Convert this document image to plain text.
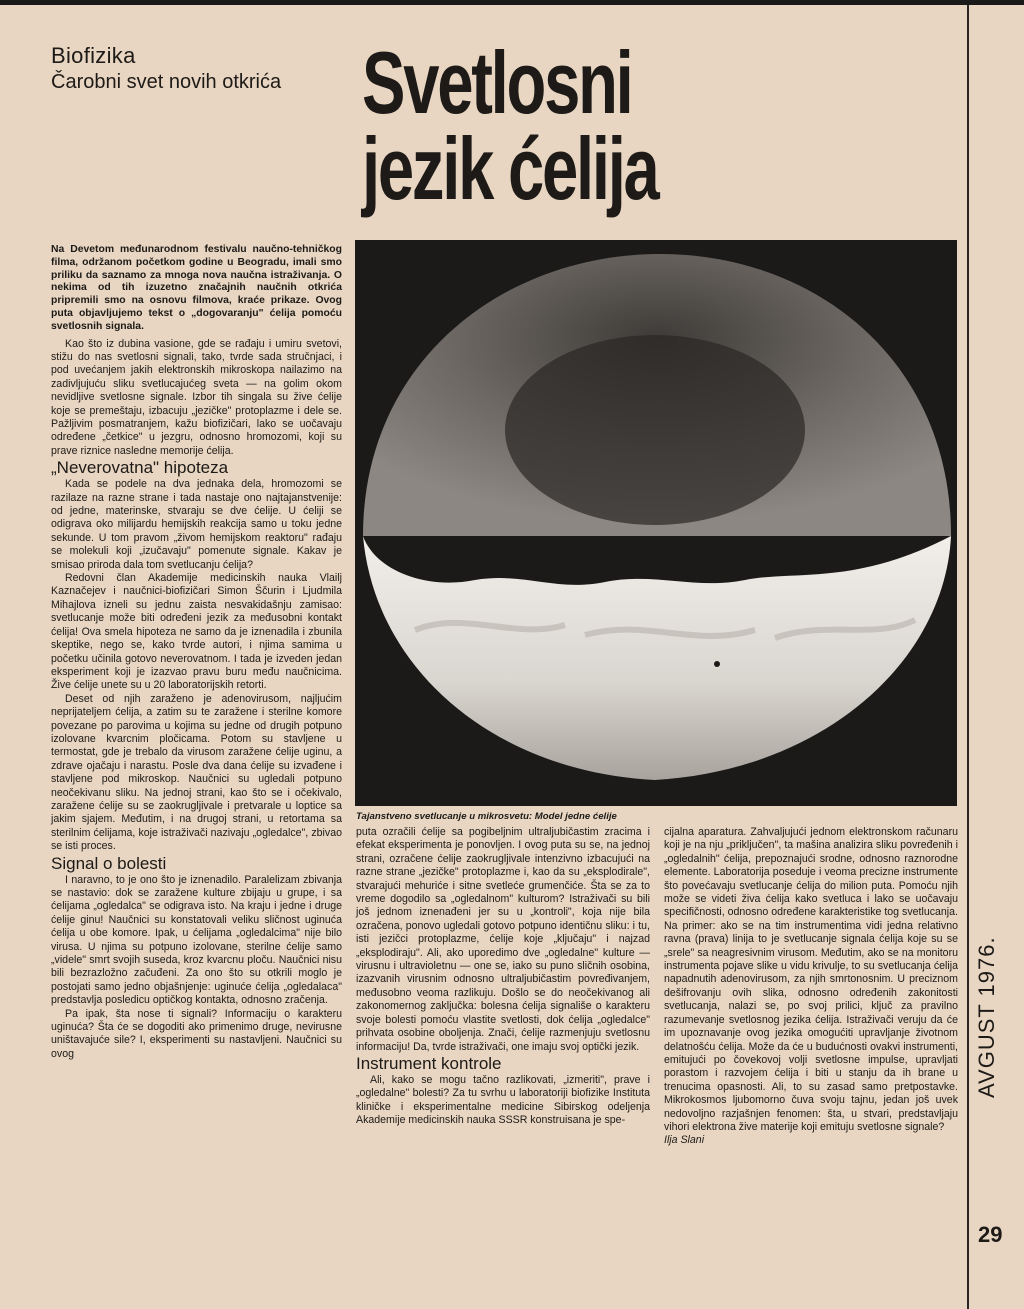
Biofizika
Čarobni svet novih otkrića Svetlosni
jezik ćelija

Na Devetom međunarodnom festivalu naučno-tehničkog filma, održanom početkom godine u Beogradu, imali smo priliku da saznamo za mnoga nova naučna istraživanja. O nekima od tih izuzetno značajnih naučnih otkrića pripremili smo na osnovu filmova, kraće prikaze. Ovog puta objavljujemo tekst o „dogovaranju" ćelija pomoću svetlosnih signala.

Kao što iz dubina vasione, gde se rađaju i umiru svetovi, stižu do nas svetlosni signali, tako, tvrde sada stručnjaci, i pod uvećanjem jakih elektronskih mikroskopa nailazimo na zadivljujuću sliku svetlucajućeg sveta — na golim okom nevidljive svetlosne signale. Izbor tih singala su žive ćelije koje se premeštaju, izbacuju „jezičke" protoplazme i dele se. Pažljivim posmatranjem, kažu biofizičari, lako se uočavaju određene „četkice" u jezgru, odnosno hromozomi, koji su prave riznice nasledne memorije ćelija.

„Neverovatna" hipoteza

Kada se podele na dva jednaka dela, hromozomi se razilaze na razne strane i tada nastaje ono najtajanstvenije: od jedne, materinske, stvaraju se dve ćelije. U ćeliji se odigrava oko milijardu hemijskih reakcija samo u toku jedne sekunde. U tom pravom „živom hemijskom reaktoru" rađaju se molekuli koji „izučavaju" pomenute signale. Kakav je smisao priroda dala tom svetlucanju ćelija?

Redovni član Akademije medicinskih nauka Vlailj Kaznačejev i naučnici-biofizičari Simon Ščurin i Ljudmila Mihajlova izneli su jednu zaista nesvakidašnju zamisao: svetlucanje može biti određeni jezik za međusobni kontakt ćelija! Ova smela hipoteza ne samo da je iznenadila i zbunila skeptike, nego se, kako tvrde autori, i njima samima u početku učinila gotovo neverovatnom. I tada je izveden jedan eksperiment koji je izazvao pravu buru među naučnicima. Žive ćelije unete su u 20 laboratorijskih retorti.

Deset od njih zaraženo je adenovirusom, najljućim neprijateljem ćelija, a zatim su te zaražene i sterilne komore povezane po parovima u kojima su jedne od drugih potpuno izolovane kvarcnim pločicama. Potom su stavljene u termostat, gde je trebalo da virusom zaražene ćelije uginu, a zdrave ojačaju i narastu. Posle dva dana ćelije su izvađene i stavljene pod mikroskop. Naučnici su ugledali potpuno neočekivanu sliku. Na jednoj strani, kao što se i očekivalo, zaražene ćelije su se zaokrugljivale i pretvarale u loptice sa jakim sjajem. Međutim, i na drugoj strani, u retortama sa sterilnim ćelijama, koje istraživači nazivaju „ogledalce", zbivao se isti proces.

Signal o bolesti

I naravno, to je ono što je iznenadilo. Paralelizam zbivanja se nastavio: dok se zaražene kulture zbijaju u grupe, i sa ćelijama „ogledalca" se odigrava isto. Na kraju i jedne i druge ćelije ginu! Naučnici su konstatovali veliku sličnost uginuća ćelija u obe komore. Ipak, u ćelijama „ogledalcima" nije bilo virusa. U njima su potpuno izolovane, sterilne ćelije samo „videle" smrt svojih suseda, kroz kvarcnu ploču. Naučnici nisu bili bezrazložno začuđeni. Za ono što su otkrili moglo je postojati samo jedno objašnjenje: uginuće ćelija „ogledalaca" predstavlja posledicu optičkog kontakta, odnosno zračenja.

Pa ipak, šta nose ti signali? Informaciju o karakteru uginuća? Šta će se dogoditi ako primenimo druge, nevirusne uništavajuće sile? I, eksperimenti su nastavljeni. Naučnici su ovog

Tajanstveno svetlucanje u mikrosvetu: Model jedne ćelije

puta ozračili ćelije sa pogibeljnim ultraljubičastim zracima i efekat eksperimenta je ponovljen. I ovog puta su se, na jednoj strani, ozračene ćelije zaokrugljivale intenzivno izbacujući na razne strane „jezičke" protoplazme i, kao da su „eksplodirale", stvarajući mehuriće i sitne svetleće grumenčiće. Šta se za to vreme dogodilo sa „ogledalnom" kulturom? Istraživači su bili još jednom iznenađeni jer su u „kontroli", koja nije bila ozračena, ponovo ugledali gotovo potpuno identičnu sliku: i tu, isti jezičci protoplazme, ćelije koje „ključaju" i najzad „eksplodiraju". Ali, ako uporedimo dve „ogledalne" kulture — virusnu i ultravioletnu — one se, iako su puno sličnih osobina, izazvanih virusnim odnosno ultraljubičastim povređivanjem, međusobno veoma razlikuju. Došlo se do neočekivanog ali zakonomernog zaključka: bolesna ćelija signališe o karakteru svoje bolesti pomoću vlastite svetlosti, dok ćelija „ogledalce" prihvata osobine oboljenja. Znači, ćelije razmenjuju svetlosnu informaciju! Da, tvrde istraživači, one imaju svoj optički jezik.

Instrument kontrole

Ali, kako se mogu tačno razlikovati, „izmeriti", prave i „ogledalne" bolesti? Za tu svrhu u laboratoriji biofizike Instituta kliničke i eksperimentalne medicine Sibirskog odeljenja Akademije medicinskih nauka SSSR konstruisana je spe-

cijalna aparatura. Zahvaljujući jednom elektronskom računaru koji je na nju „priključen", ta mašina analizira sliku povređenih i „ogledalnih" ćelija, prepoznajući srodne, odnosno raznorodne elemente. Laboratorija poseduje i veoma precizne instrumente što povećavaju svetlucanje ćelija do milion puta. Pomoću njih može se videti živa ćelija kako svetluca i lako se uočavaju specifičnosti, odnosno određene karakteristike tog svetlucanja. Na primer: ako se na tim instrumentima vidi jedna relativno ravna (prava) linija to je svetlucanje signala ćelija koje su se „srele" sa neagresivnim virusom. Međutim, ako se na monitoru instrumenta pojave slike u vidu krivulje, to su svetlucanja ćelija napadnutih adenovirusom, za njih smrtonosnim. U preciznom dešifrovanju ovih slika, odnosno određenih zakonitosti svetlucanja, nalazi se, po svoj prilici, ključ za pravilno razumevanje svetlosnog jezika ćelija. Istraživači veruju da će im upoznavanje ovog jezika omogućiti upravljanje životnom delatnošću ćelija. Može da će u budućnosti ovakvi instrumenti, emitujući po čovekovoj volji svetlosne impulse, upravljati porastom i razvojem ćelija i biti u stanju da ih brane u trenucima opasnosti. Ali, to su zasad samo pretpostavke. Mikrokosmos ljubomorno čuva svoju tajnu, jedan još uvek nedovoljno razjašnjen fenomen: šta, u stvari, predstavljaju vihori elektrona žive materije koji emituju svetlosne signale?

Ilja Slani

AVGUST 1976.
29
